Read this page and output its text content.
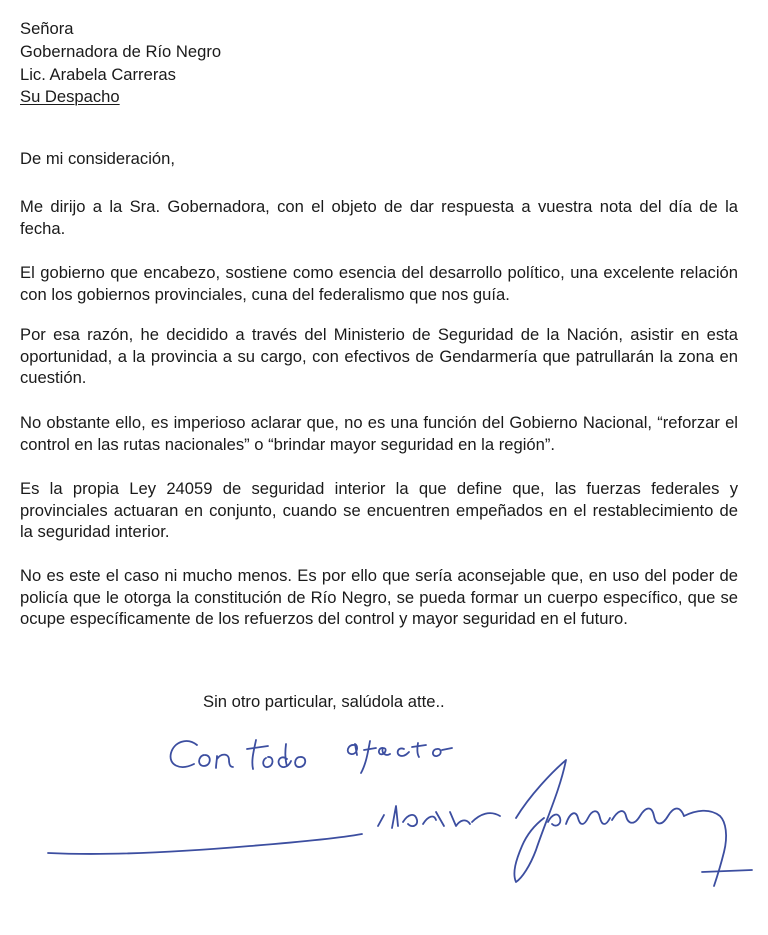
Señora
Gobernadora de Río Negro
Lic. Arabela Carreras
Su Despacho
De mi consideración,
Me dirijo a la Sra. Gobernadora, con el objeto de dar respuesta a vuestra nota del día de la fecha.
El gobierno que encabezo, sostiene como esencia del desarrollo político, una excelente relación con los gobiernos provinciales, cuna del federalismo que nos guía.
Por esa razón, he decidido a través del Ministerio de Seguridad de la Nación, asistir en esta oportunidad, a la provincia a su cargo, con efectivos de Gendarmería que patrullarán la zona en cuestión.
No obstante ello, es imperioso aclarar que, no es una función del Gobierno Nacional, “reforzar el control en las rutas nacionales” o “brindar mayor seguridad en la región”.
Es la propia Ley 24059 de seguridad interior la que define que, las fuerzas federales y provinciales actuaran en conjunto, cuando se encuentren empeñados en el restablecimiento de la seguridad interior.
No es este el caso ni mucho menos. Es por ello que sería aconsejable que, en uso del poder de policía que le otorga la constitución de Río Negro, se pueda formar un cuerpo específico, que se ocupe específicamente de los refuerzos del control y mayor seguridad en el futuro.
Sin otro particular, salúdola atte..
